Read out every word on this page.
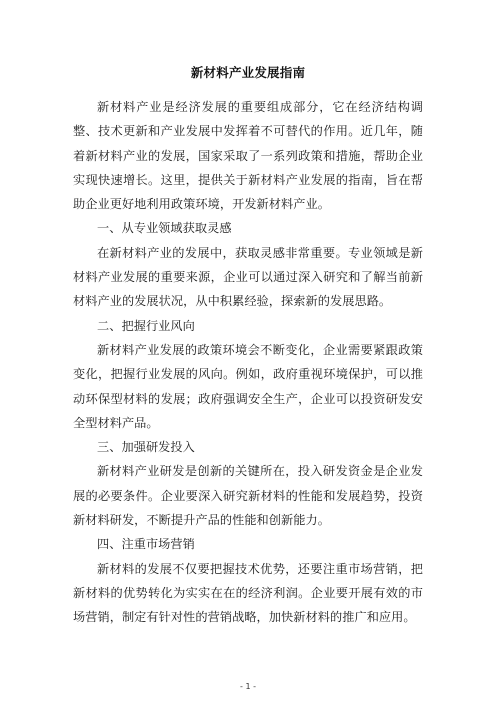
新材料产业发展指南

新材料产业是经济发展的重要组成部分，它在经济结构调整、技术更新和产业发展中发挥着不可替代的作用。近几年，随着新材料产业的发展，国家采取了一系列政策和措施，帮助企业实现快速增长。这里，提供关于新材料产业发展的指南，旨在帮助企业更好地利用政策环境，开发新材料产业。

一、从专业领域获取灵感

在新材料产业的发展中，获取灵感非常重要。专业领域是新材料产业发展的重要来源，企业可以通过深入研究和了解当前新材料产业的发展状况，从中积累经验，探索新的发展思路。

二、把握行业风向

新材料产业发展的政策环境会不断变化，企业需要紧跟政策变化，把握行业发展的风向。例如，政府重视环境保护，可以推动环保型材料的发展；政府强调安全生产，企业可以投资研发安全型材料产品。

三、加强研发投入

新材料产业研发是创新的关键所在，投入研发资金是企业发展的必要条件。企业要深入研究新材料的性能和发展趋势，投资新材料研发，不断提升产品的性能和创新能力。

四、注重市场营销

新材料的发展不仅要把握技术优势，还要注重市场营销，把新材料的优势转化为实实在在的经济利润。企业要开展有效的市场营销，制定有针对性的营销战略，加快新材料的推广和应用。

- 1 -
